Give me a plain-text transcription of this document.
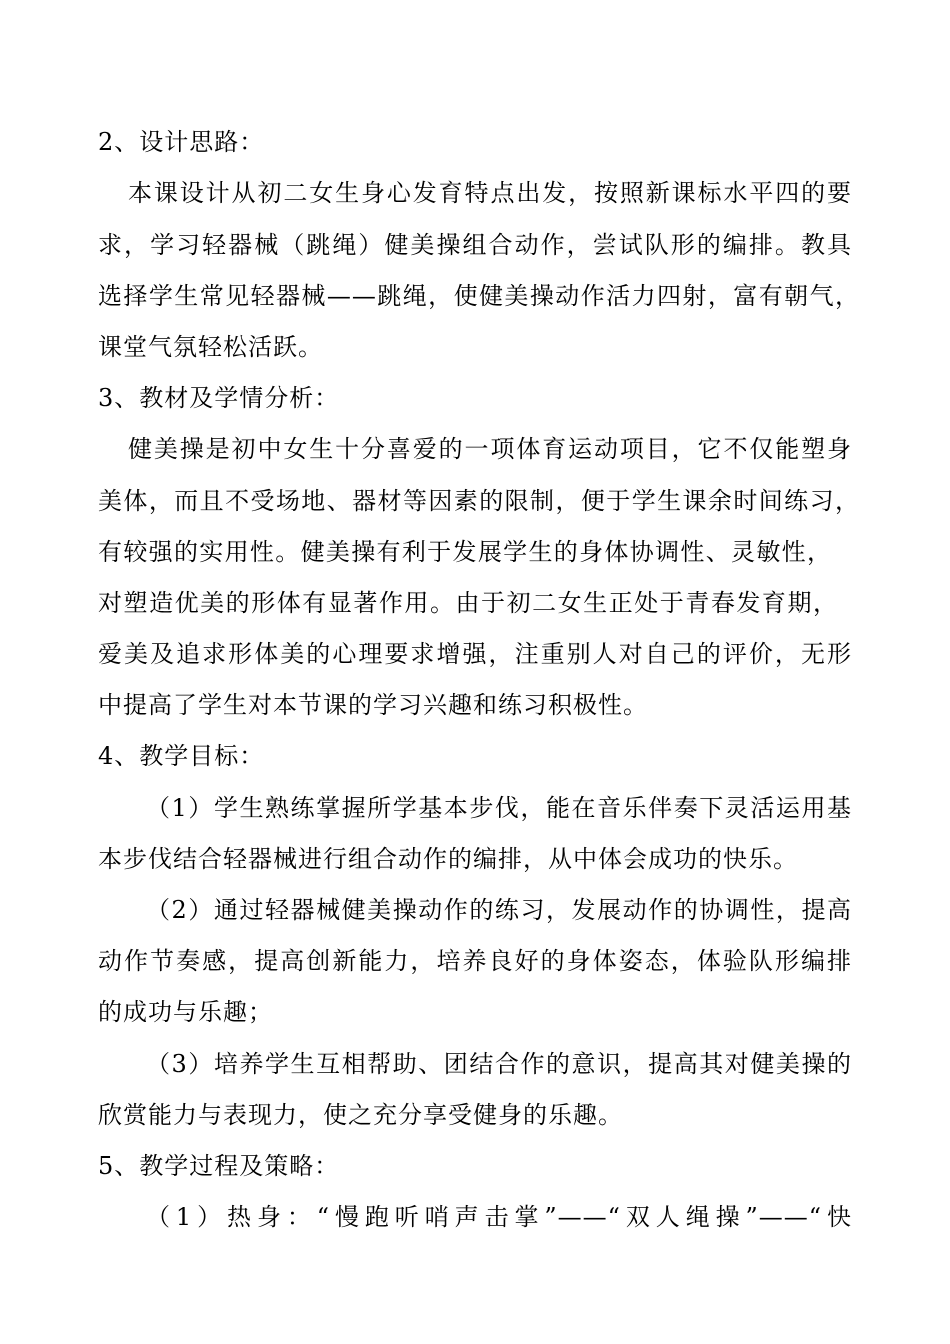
2、设计思路：
本课设计从初二女生身心发育特点出发，按照新课标水平四的要
求，学习轻器械（跳绳）健美操组合动作，尝试队形的编排。教具
选择学生常见轻器械——跳绳，使健美操动作活力四射，富有朝气，
课堂气氛轻松活跃。
3、教材及学情分析：
健美操是初中女生十分喜爱的一项体育运动项目，它不仅能塑身
美体，而且不受场地、器材等因素的限制，便于学生课余时间练习，
有较强的实用性。健美操有利于发展学生的身体协调性、灵敏性，
对塑造优美的形体有显著作用。由于初二女生正处于青春发育期，
爱美及追求形体美的心理要求增强，注重别人对自己的评价，无形
中提高了学生对本节课的学习兴趣和练习积极性。
4、教学目标：
（1）学生熟练掌握所学基本步伐，能在音乐伴奏下灵活运用基
本步伐结合轻器械进行组合动作的编排，从中体会成功的快乐。
（2）通过轻器械健美操动作的练习，发展动作的协调性，提高
动作节奏感，提高创新能力，培养良好的身体姿态，体验队形编排
的成功与乐趣；
（3）培养学生互相帮助、团结合作的意识，提高其对健美操的
欣赏能力与表现力，使之充分享受健身的乐趣。
5、教学过程及策略：
（1）热身：“慢跑听哨声击掌”——“双人绳操”——“快
